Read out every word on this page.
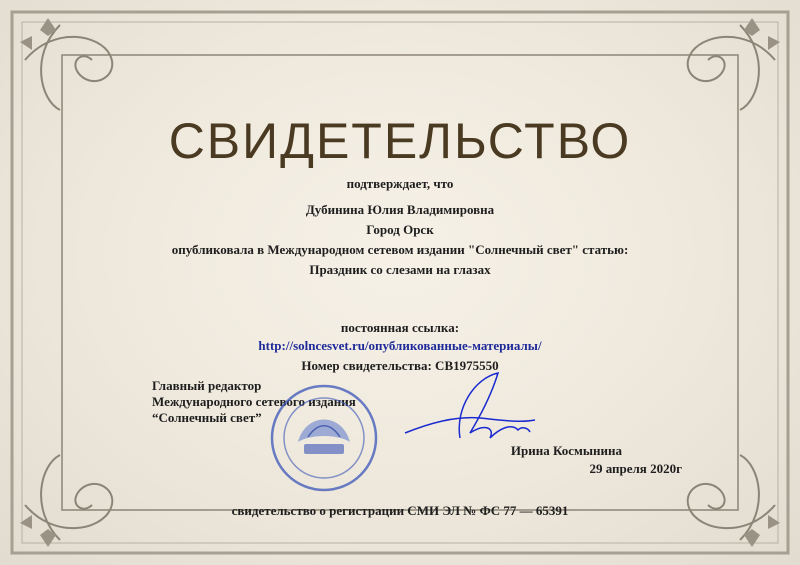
СВИДЕТЕЛЬСТВО
подтверждает, что
Дубинина Юлия Владимировна
Город Орск
опубликовала в Международном сетевом издании "Солнечный свет" статью:
Праздник со слезами на глазах
постоянная ссылка:
http://solncesvet.ru/опубликованные-материалы/
Номер свидетельства: СВ1975550
Главный редактор
Международного сетевого издания
“Солнечный свет”
Ирина Космынина
29 апреля 2020г
свидетельство о регистрации СМИ ЭЛ № ФС 77 — 65391
